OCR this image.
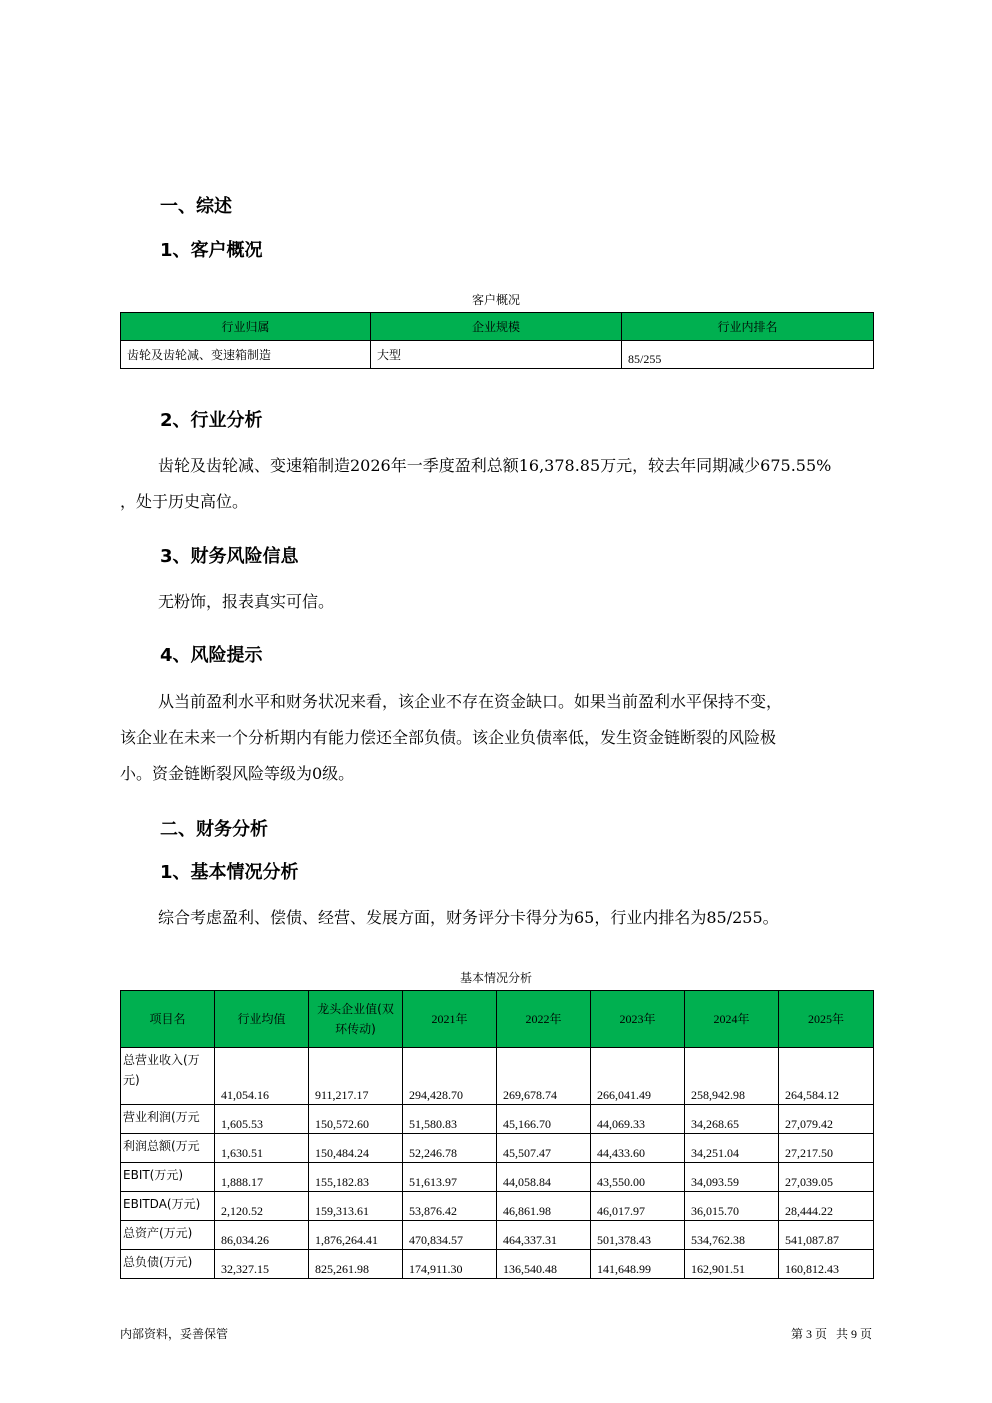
一、综述
1、客户概况
客户概况
行业归属	企业规模	行业内排名
齿轮及齿轮减、变速箱制造	大型	85/255
2、行业分析
齿轮及齿轮减、变速箱制造2026年一季度盈利总额16,378.85万元，较去年同期减少675.55%
，处于历史高位。
3、财务风险信息
无粉饰，报表真实可信。
4、风险提示
从当前盈利水平和财务状况来看，该企业不存在资金缺口。如果当前盈利水平保持不变，
该企业在未来一个分析期内有能力偿还全部负债。该企业负债率低，发生资金链断裂的风险极
小。资金链断裂风险等级为0级。
二、财务分析
1、基本情况分析
综合考虑盈利、偿债、经营、发展方面，财务评分卡得分为65，行业内排名为85/255。
基本情况分析
项目名	行业均值	龙头企业值(双环传动)	2021年	2022年	2023年	2024年	2025年
总营业收入(万元)	41,054.16	911,217.17	294,428.70	269,678.74	266,041.49	258,942.98	264,584.12
营业利润(万元	1,605.53	150,572.60	51,580.83	45,166.70	44,069.33	34,268.65	27,079.42
利润总额(万元	1,630.51	150,484.24	52,246.78	45,507.47	44,433.60	34,251.04	27,217.50
EBIT(万元)	1,888.17	155,182.83	51,613.97	44,058.84	43,550.00	34,093.59	27,039.05
EBITDA(万元)	2,120.52	159,313.61	53,876.42	46,861.98	46,017.97	36,015.70	28,444.22
总资产(万元)	86,034.26	1,876,264.41	470,834.57	464,337.31	501,378.43	534,762.38	541,087.87
总负债(万元)	32,327.15	825,261.98	174,911.30	136,540.48	141,648.99	162,901.51	160,812.43
内部资料，妥善保管	第 3 页   共 9 页
